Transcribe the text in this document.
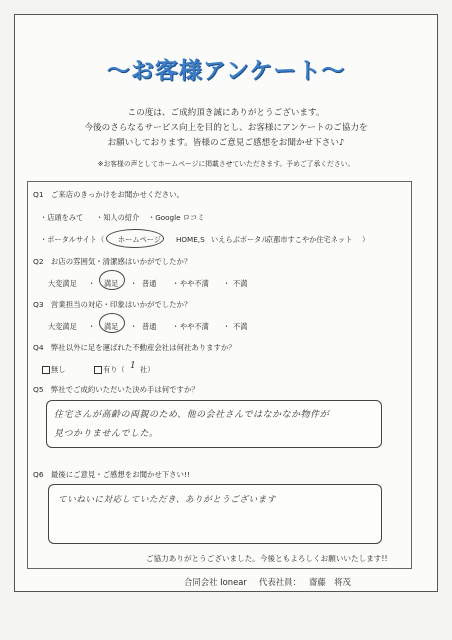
～お客様アンケート～
この度は、ご成約頂き誠にありがとうございます。
今後のさらなるサービス向上を目的とし、お客様にアンケートのご協力を
お願いしております。皆様のご意見ご感想をお聞かせ下さい♪
※お客様の声としてホームページに掲載させていただきます。予めご了承ください。
Q1　ご来店のきっかけをお聞かせください。
・店頭をみて ・知人の紹介 ・Google ロコミ
・ポータルサイト（ ホームページ HOME,S いえらぶポータル
京都市すこやか住宅ネット ）
Q2　お店の雰囲気・清潔感はいかがでしたか？
大変満足 ・ 満足 ・ 普通 ・ やや不満 ・ 不満
Q3　営業担当の対応・印象はいかがでしたか？
大変満足 ・ 満足 ・ 普通 ・ やや不満 ・ 不満
Q4　弊社以外に足を運ばれた不動産会社は何社ありますか？
無し	有り（ 1 社）
Q5　弊社でご成約いただいた決め手は何ですか？
住宅さんが高齢の両親のため、他の会社さんではなかなか物件が
見つかりませんでした。
Q6　最後にご意見・ご感想をお聞かせ下さい!!
ていねいに対応していただき、ありがとうございます
ご協力ありがとうございました。今後ともよろしくお願いいたします!!
合同会社 Ionear 代表社員： 齋藤　将茂
